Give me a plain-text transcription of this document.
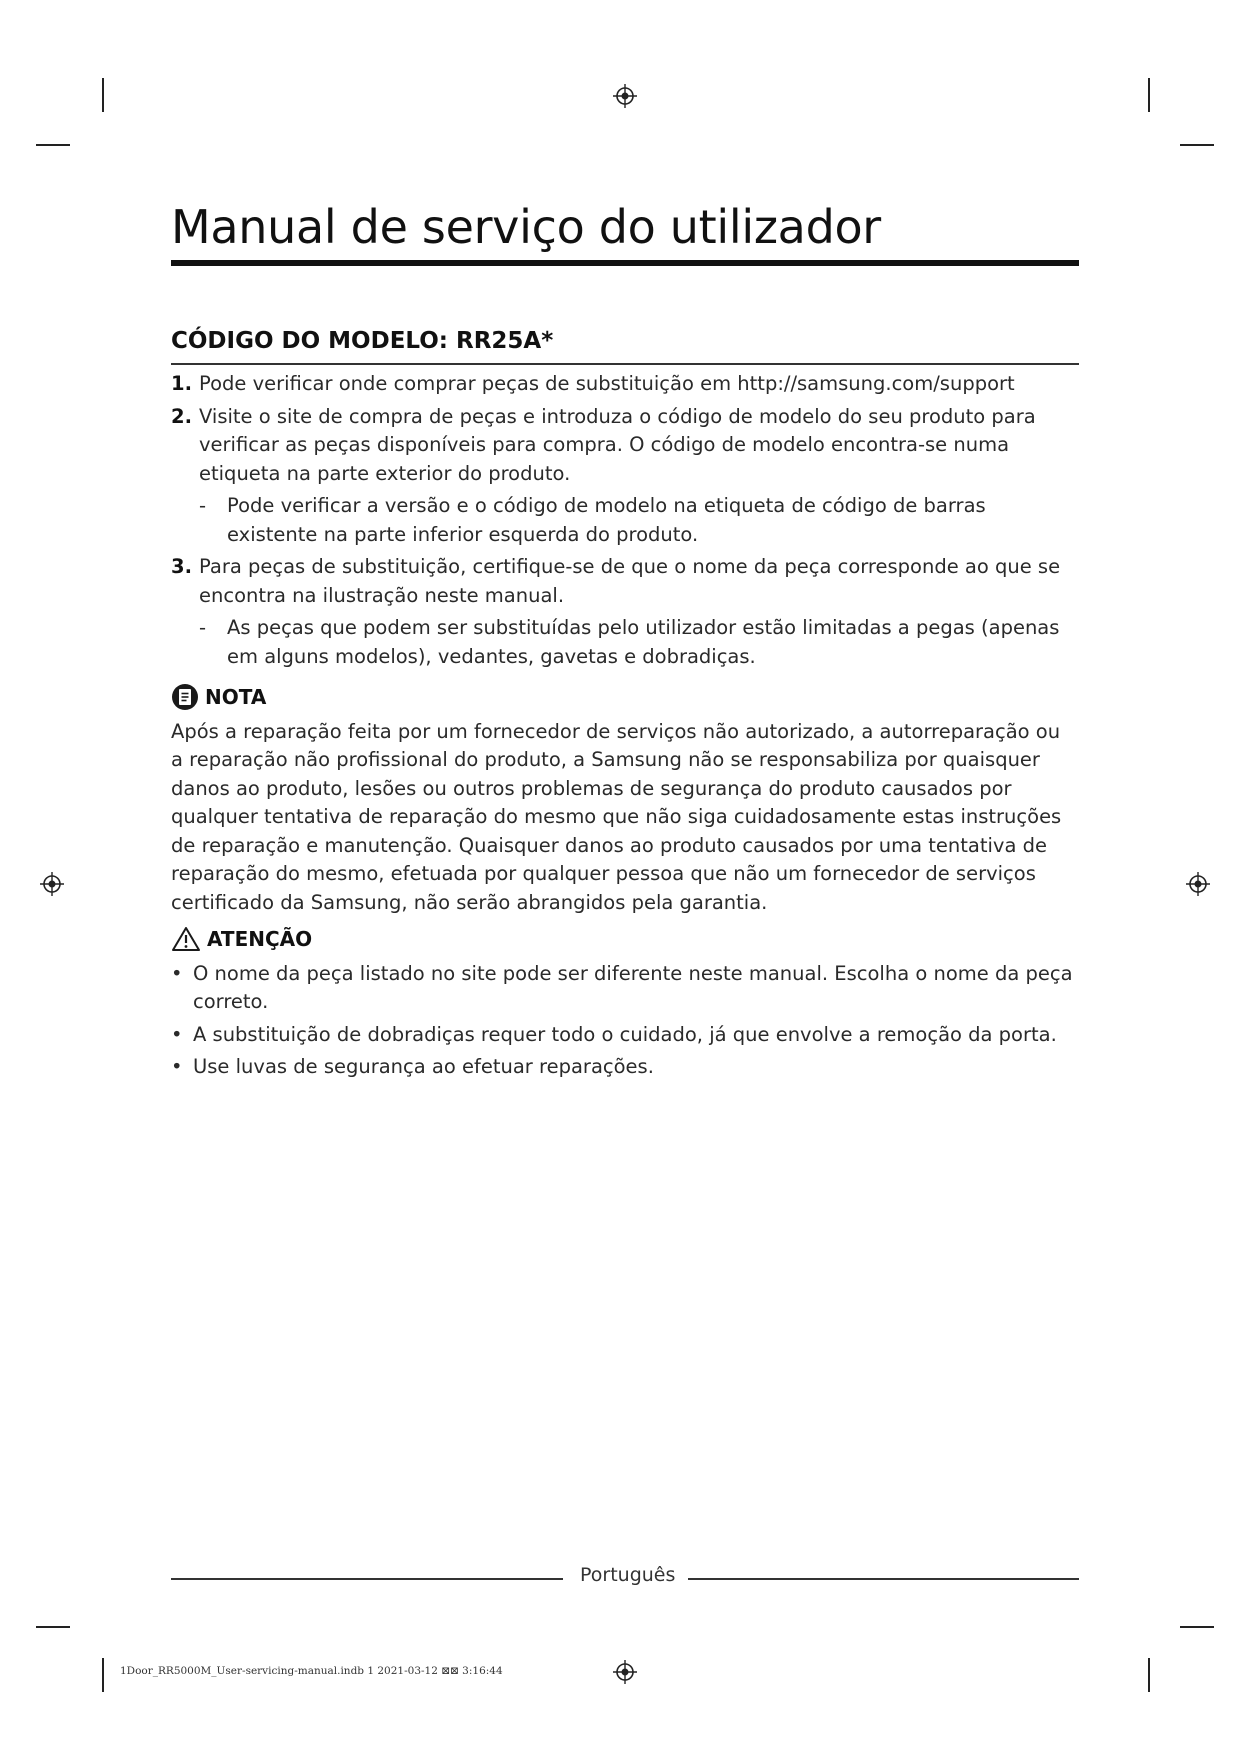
Manual de serviço do utilizador
CÓDIGO DO MODELO: RR25A*
1. Pode verificar onde comprar peças de substituição em http://samsung.com/support
2. Visite o site de compra de peças e introduza o código de modelo do seu produto para verificar as peças disponíveis para compra. O código de modelo encontra-se numa etiqueta na parte exterior do produto.
-	Pode verificar a versão e o código de modelo na etiqueta de código de barras existente na parte inferior esquerda do produto.
3. Para peças de substituição, certifique-se de que o nome da peça corresponde ao que se encontra na ilustração neste manual.
-	As peças que podem ser substituídas pelo utilizador estão limitadas a pegas (apenas em alguns modelos), vedantes, gavetas e dobradiças.
NOTA

Após a reparação feita por um fornecedor de serviços não autorizado, a autorreparação ou a reparação não profissional do produto, a Samsung não se responsabiliza por quaisquer danos ao produto, lesões ou outros problemas de segurança do produto causados por qualquer tentativa de reparação do mesmo que não siga cuidadosamente estas instruções de reparação e manutenção. Quaisquer danos ao produto causados por uma tentativa de reparação do mesmo, efetuada por qualquer pessoa que não um fornecedor de serviços certificado da Samsung, não serão abrangidos pela garantia.

ATENÇÃO
• O nome da peça listado no site pode ser diferente neste manual. Escolha o nome da peça correto.
• A substituição de dobradiças requer todo o cuidado, já que envolve a remoção da porta.
• Use luvas de segurança ao efetuar reparações.
Português
1Door_RR5000M_User-servicing-manual.indb 1 2021-03-12 ⊠⊠ 3:16:44
